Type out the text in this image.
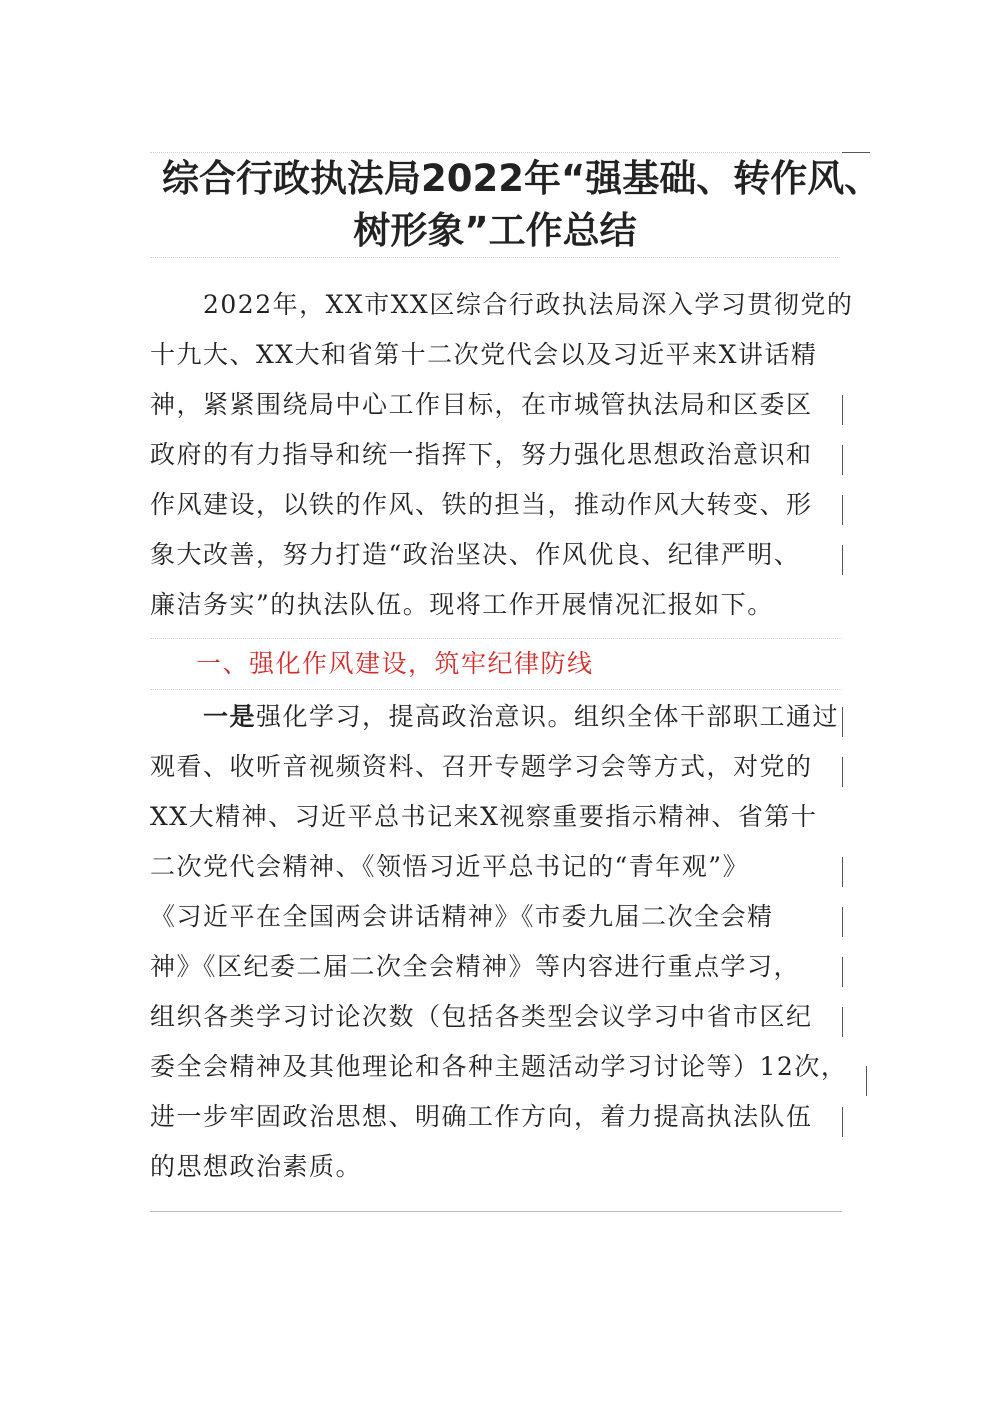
综合行政执法局2022年“强基础、转作风、
树形象”工作总结
　　2022年，XX市XX区综合行政执法局深入学习贯彻党的
十九大、XX大和省第十二次党代会以及习近平来X讲话精
神，紧紧围绕局中心工作目标，在市城管执法局和区委区
政府的有力指导和统一指挥下，努力强化思想政治意识和
作风建设，以铁的作风、铁的担当，推动作风大转变、形
象大改善，努力打造“政治坚决、作风优良、纪律严明、
廉洁务实”的执法队伍。现将工作开展情况汇报如下。
一、强化作风建设，筑牢纪律防线
　　一是强化学习，提高政治意识。组织全体干部职工通过
观看、收听音视频资料、召开专题学习会等方式，对党的
XX大精神、习近平总书记来X视察重要指示精神、省第十
二次党代会精神、《领悟习近平总书记的“青年观”》
《习近平在全国两会讲话精神》《市委九届二次全会精
神》《区纪委二届二次全会精神》等内容进行重点学习，
组织各类学习讨论次数（包括各类型会议学习中省市区纪
委全会精神及其他理论和各种主题活动学习讨论等）12次，
进一步牢固政治思想、明确工作方向，着力提高执法队伍
的思想政治素质。
